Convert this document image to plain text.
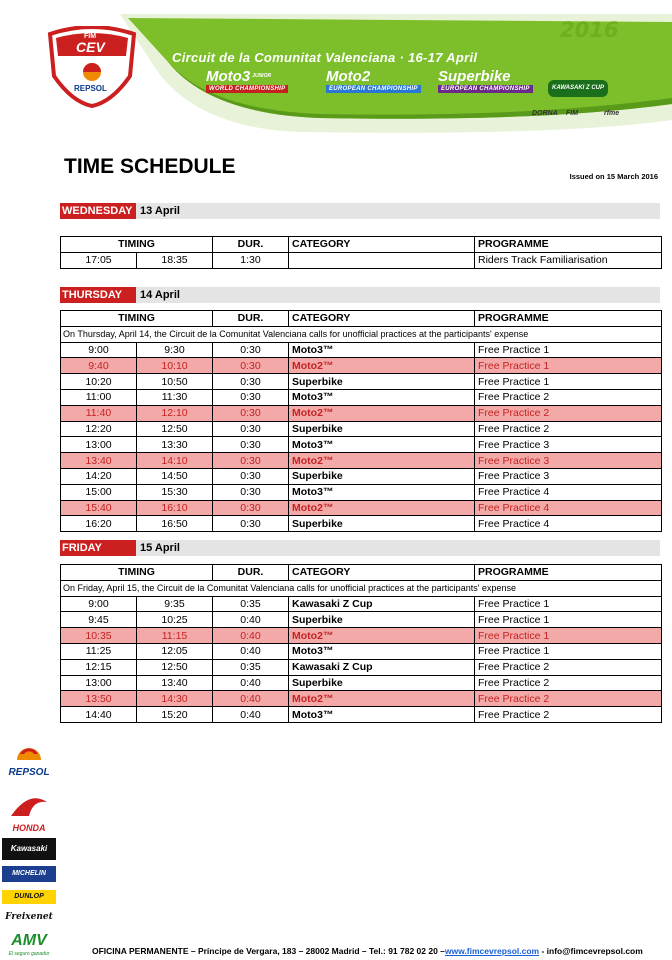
FIM
CEV
REPSOL
2016
Circuit de la Comunitat Valenciana · 16-17 April
Moto3 $^{JUNIOR}$
WORLD CHAMPIONSHIP
Moto2
EUROPEAN CHAMPIONSHIP
Superbike
EUROPEAN CHAMPIONSHIP	KAWASAKI Z CUP
DORNA FIM	rfme
TIME SCHEDULE	Issued on 15 March 2016
WEDNESDAY 13 April
TIMING		DUR.	CATEGORY	PROGRAMME
17:05	18:35	1:30		Riders Track Familiarisation
THURSDAY	14 April
TIMING		DUR.	CATEGORY	PROGRAMME
On Thursday, April 14, the Circuit de la Comunitat Valenciana calls for unofficial practices at the participants' expense				
9:00	9:30	0:30	Moto3™	Free Practice 1
9:40	10:10	0:30	Moto2™	Free Practice 1
10:20	10:50	0:30	Superbike	Free Practice 1
11:00	11:30	0:30	Moto3™	Free Practice 2
11:40	12:10	0:30	Moto2™	Free Practice 2
12:20	12:50	0:30	Superbike	Free Practice 2
13:00	13:30	0:30	Moto3™	Free Practice 3
13:40	14:10	0:30	Moto2™	Free Practice 3
14:20	14:50	0:30	Superbike	Free Practice 3
15:00	15:30	0:30	Moto3™	Free Practice 4
15:40	16:10	0:30	Moto2™	Free Practice 4
16:20	16:50	0:30	Superbike	Free Practice 4
FRIDAY	15 April
TIMING		DUR.	CATEGORY	PROGRAMME
On Friday, April 15, the Circuit de la Comunitat Valenciana calls for unofficial practices at the participants' expense				
9:00	9:35	0:35	Kawasaki Z Cup	Free Practice 1
9:45	10:25	0:40	Superbike	Free Practice 1
10:35	11:15	0:40	Moto2™	Free Practice 1
11:25	12:05	0:40	Moto3™	Free Practice 1
12:15	12:50	0:35	Kawasaki Z Cup	Free Practice 2
13:00	13:40	0:40	Superbike	Free Practice 2
13:50	14:30	0:40	Moto2™	Free Practice 2
14:40	15:20	0:40	Moto3™	Free Practice 2
REPSOL
HONDA
Kawasaki
MICHELIN
DUNLOP
Freixenet
AMV
El seguro ganador	OFICINA PERMANENTE – Príncipe de Vergara, 183 – 28002 Madrid – Tel.: 91 782 02 20 –www.fimcevrepsol.com - info@fimcevrepsol.com
